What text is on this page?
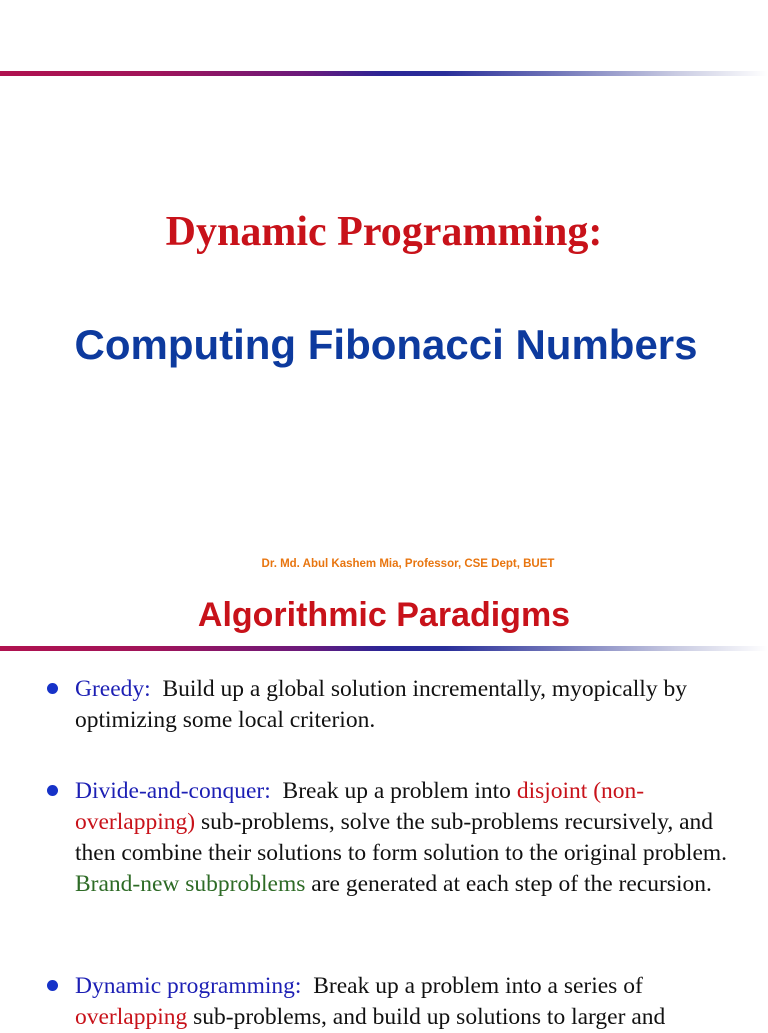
Dynamic Programming:
Computing Fibonacci Numbers

Dr. Md. Abul Kashem Mia, Professor, CSE Dept, BUET

Algorithmic Paradigms

Greedy:  Build up a global solution incrementally, myopically by optimizing some local criterion.

Divide-and-conquer:  Break up a problem into disjoint (non-overlapping) sub-problems, solve the sub-problems recursively, and then combine their solutions to form solution to the original problem. Brand-new subproblems are generated at each step of the recursion.

Dynamic programming:  Break up a problem into a series of overlapping sub-problems, and build up solutions to larger and
